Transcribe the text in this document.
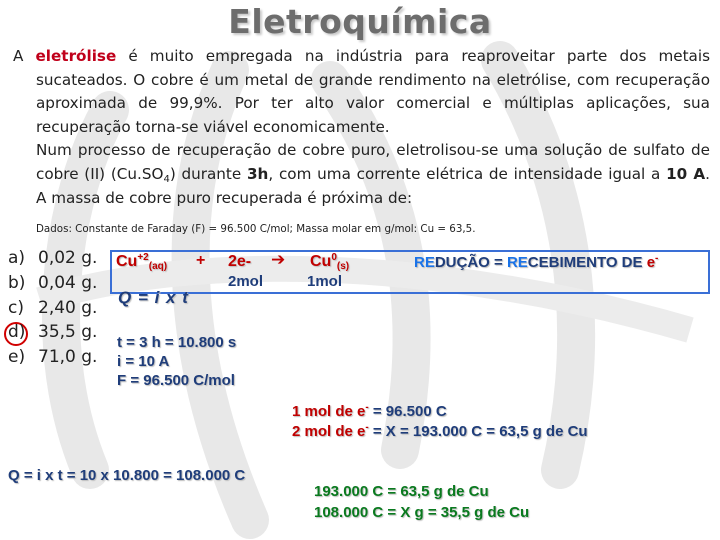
Eletroquímica

A eletrólise é muito empregada na indústria para reaproveitar parte dos metais sucateados. O cobre é um metal de grande rendimento na eletrólise, com recuperação aproximada de 99,9%. Por ter alto valor comercial e múltiplas aplicações, sua recuperação torna-se viável economicamente.

Num processo de recuperação de cobre puro, eletrolisou-se uma solução de sulfato de cobre (II) $(Cu.SO_4)$ durante 3h, com uma corrente elétrica de intensidade igual a 10 A. A massa de cobre puro recuperada é próxima de:

Dados: Constante de Faraday (F) = 96.500 C/mol; Massa molar em g/mol: Cu = 63,5.
a) 0,02 g.
b) 0,04 g.
c) 2,40 g.
d) 35,5 g.
e) 71,0 g.
$Cu^{+2}_{(aq)} + 2e-$ ➔ $Cu^0_{(s)}$
2mol	1mol
REDUÇÃO = RECEBIMENTO DE e-
Q = i x t
t = 3 h = 10.800 s
i = 10 A
F = 96.500 C/mol
1 mol de e- = 96.500 C
2 mol de e- = X = 193.000 C = 63,5 g de Cu
Q = i x t = 10 x 10.800 = 108.000 C
193.000 C = 63,5 g de Cu
108.000 C = X g = 35,5 g de Cu
